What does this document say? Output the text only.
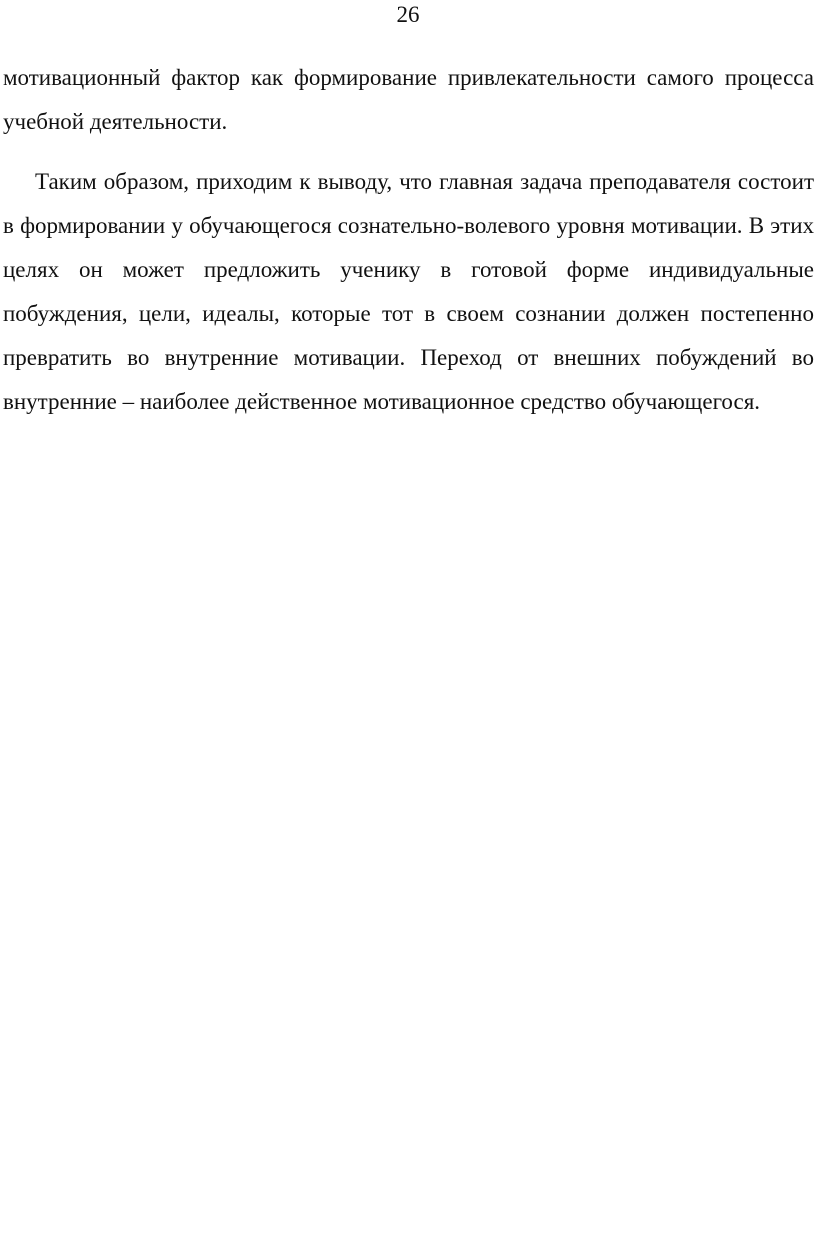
26

мотивационный фактор как формирование привлекательности самого процесса учебной деятельности.

Таким образом, приходим к выводу, что главная задача преподавателя состоит в формировании у обучающегося сознательно-волевого уровня мотивации. В этих целях он может предложить ученику в готовой форме индивидуальные побуждения, цели, идеалы, которые тот в своем сознании должен постепенно превратить во внутренние мотивации. Переход от внешних побуждений во внутренние – наиболее действенное мотивационное средство обучающегося.
